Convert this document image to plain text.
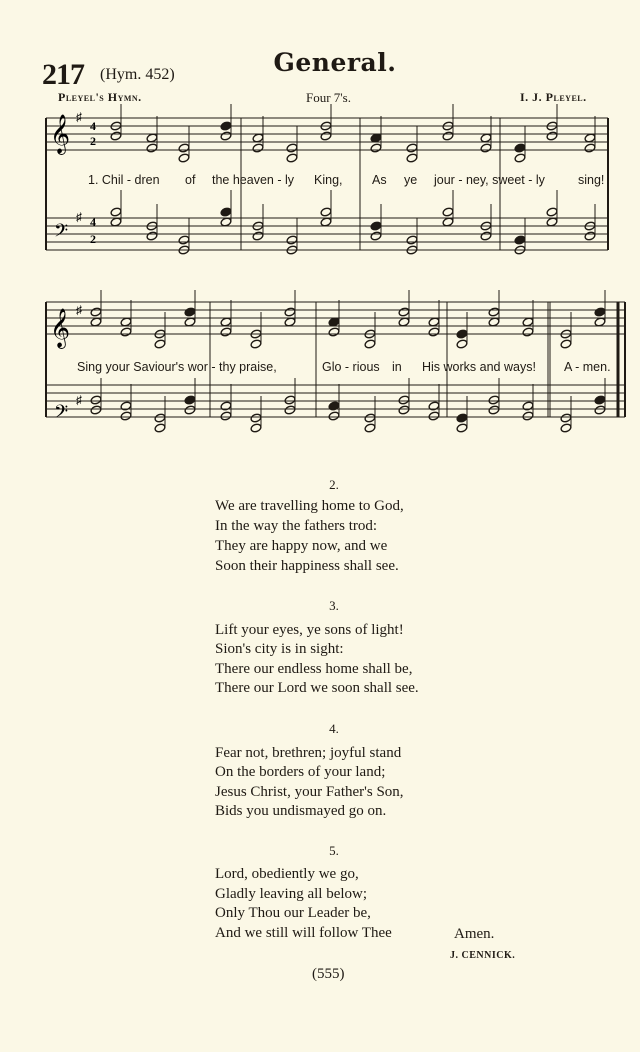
217 (Hym. 452)	General.
Pleyel's Hymn.	Four 7's.	I. J. Pleyel.
4
2
4
2
𝄞
𝄞
𝄢
𝄢
♯
♯
♯
♯
1. Chil - dren of the heaven - ly King, As ye jour - ney, sweet - ly	sing!
Sing your Saviour's wor - thy praise,	Glo - rious in His works and ways! A - men.
2.
We are travelling home to God,
In the way the fathers trod:
They are happy now, and we
Soon their happiness shall see.
3.
Lift your eyes, ye sons of light!
Sion's city is in sight:
There our endless home shall be,
There our Lord we soon shall see.
4.
Fear not, brethren; joyful stand
On the borders of your land;
Jesus Christ, your Father's Son,
Bids you undismayed go on.
5.
Lord, obediently we go,
Gladly leaving all below;
Only Thou our Leader be,
And we still will follow Thee	Amen.
J. CENNICK.
(555)
